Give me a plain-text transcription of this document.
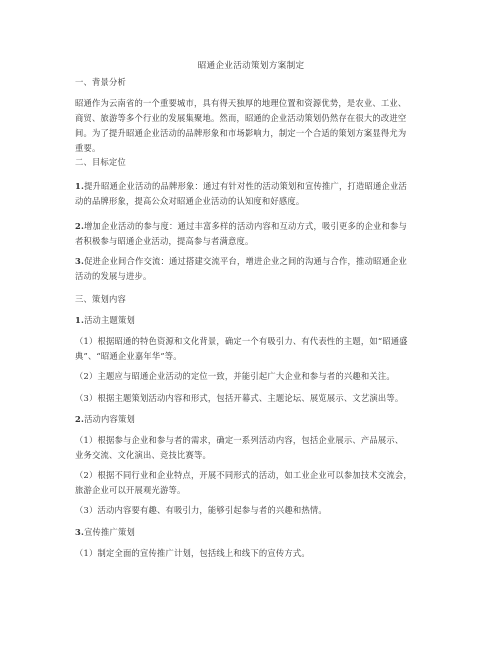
昭通企业活动策划方案制定
一、背景分析
昭通作为云南省的一个重要城市，具有得天独厚的地理位置和资源优势，是农业、工业、
商贸、旅游等多个行业的发展集聚地。然而，昭通的企业活动策划仍然存在很大的改进空
间。为了提升昭通企业活动的品牌形象和市场影响力，制定一个合适的策划方案显得尤为
重要。
二、目标定位
1.提升昭通企业活动的品牌形象：通过有针对性的活动策划和宣传推广，打造昭通企业活
动的品牌形象，提高公众对昭通企业活动的认知度和好感度。
2.增加企业活动的参与度：通过丰富多样的活动内容和互动方式，吸引更多的企业和参与
者积极参与昭通企业活动，提高参与者满意度。
3.促进企业间合作交流：通过搭建交流平台，增进企业之间的沟通与合作，推动昭通企业
活动的发展与进步。
三、策划内容
1.活动主题策划
（1）根据昭通的特色资源和文化背景，确定一个有吸引力、有代表性的主题，如“昭通盛
典”、“昭通企业嘉年华”等。
（2）主题应与昭通企业活动的定位一致，并能引起广大企业和参与者的兴趣和关注。
（3）根据主题策划活动内容和形式，包括开幕式、主题论坛、展览展示、文艺演出等。
2.活动内容策划
（1）根据参与企业和参与者的需求，确定一系列活动内容，包括企业展示、产品展示、
业务交流、文化演出、竞技比赛等。
（2）根据不同行业和企业特点，开展不同形式的活动，如工业企业可以参加技术交流会，
旅游企业可以开展观光游等。
（3）活动内容要有趣、有吸引力，能够引起参与者的兴趣和热情。
3.宣传推广策划
（1）制定全面的宣传推广计划，包括线上和线下的宣传方式。
